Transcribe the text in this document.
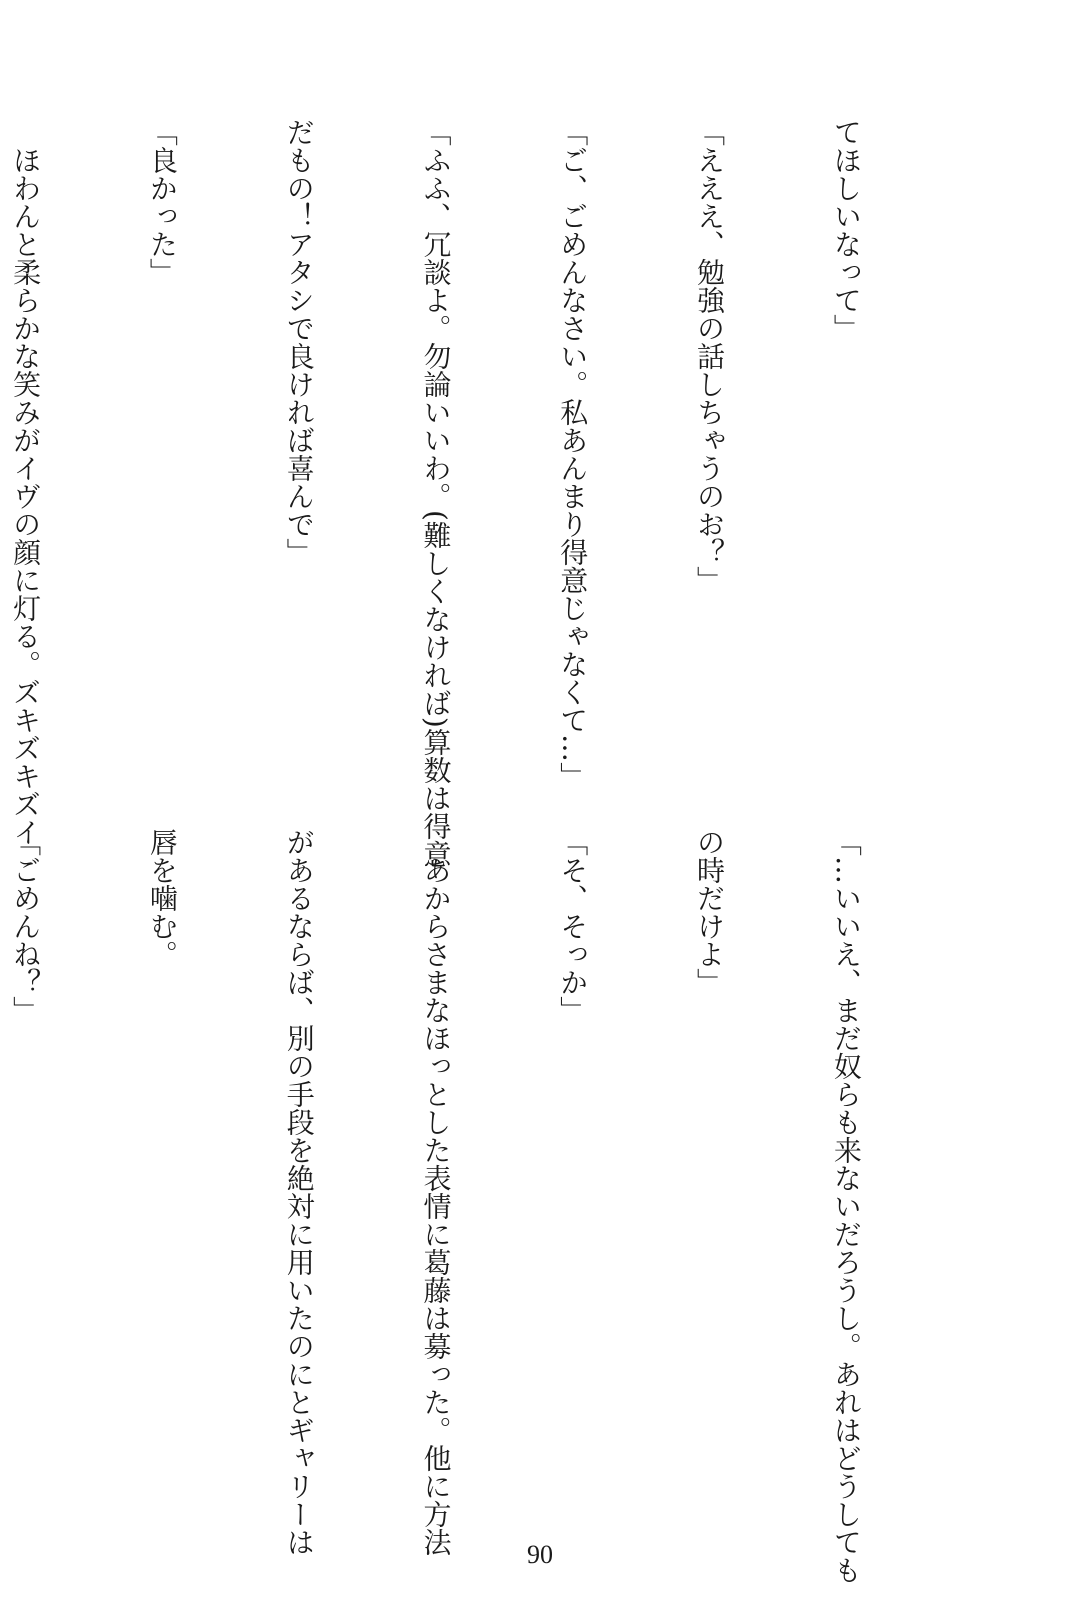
てほしいなって」

「えええ、勉強の話しちゃうのお？」

「ご、ごめんなさい。私あんまり得意じゃなくて…」

「ふふ、冗談よ。勿論いいわ。(難しくなければ)算数は得意

だもの！アタシで良ければ喜んで」

「良かった」

　ほわんと柔らかな笑みがイヴの顔に灯る。ズキズキズイ

「…いいえ、まだ奴らも来ないだろうし。あれはどうしても

の時だけよ」

「そ、そっか」

　あからさまなほっとした表情に葛藤は募った。他に方法

があるならば、別の手段を絶対に用いたのにとギャリーは

唇を噛む。

「ごめんね？」

90
